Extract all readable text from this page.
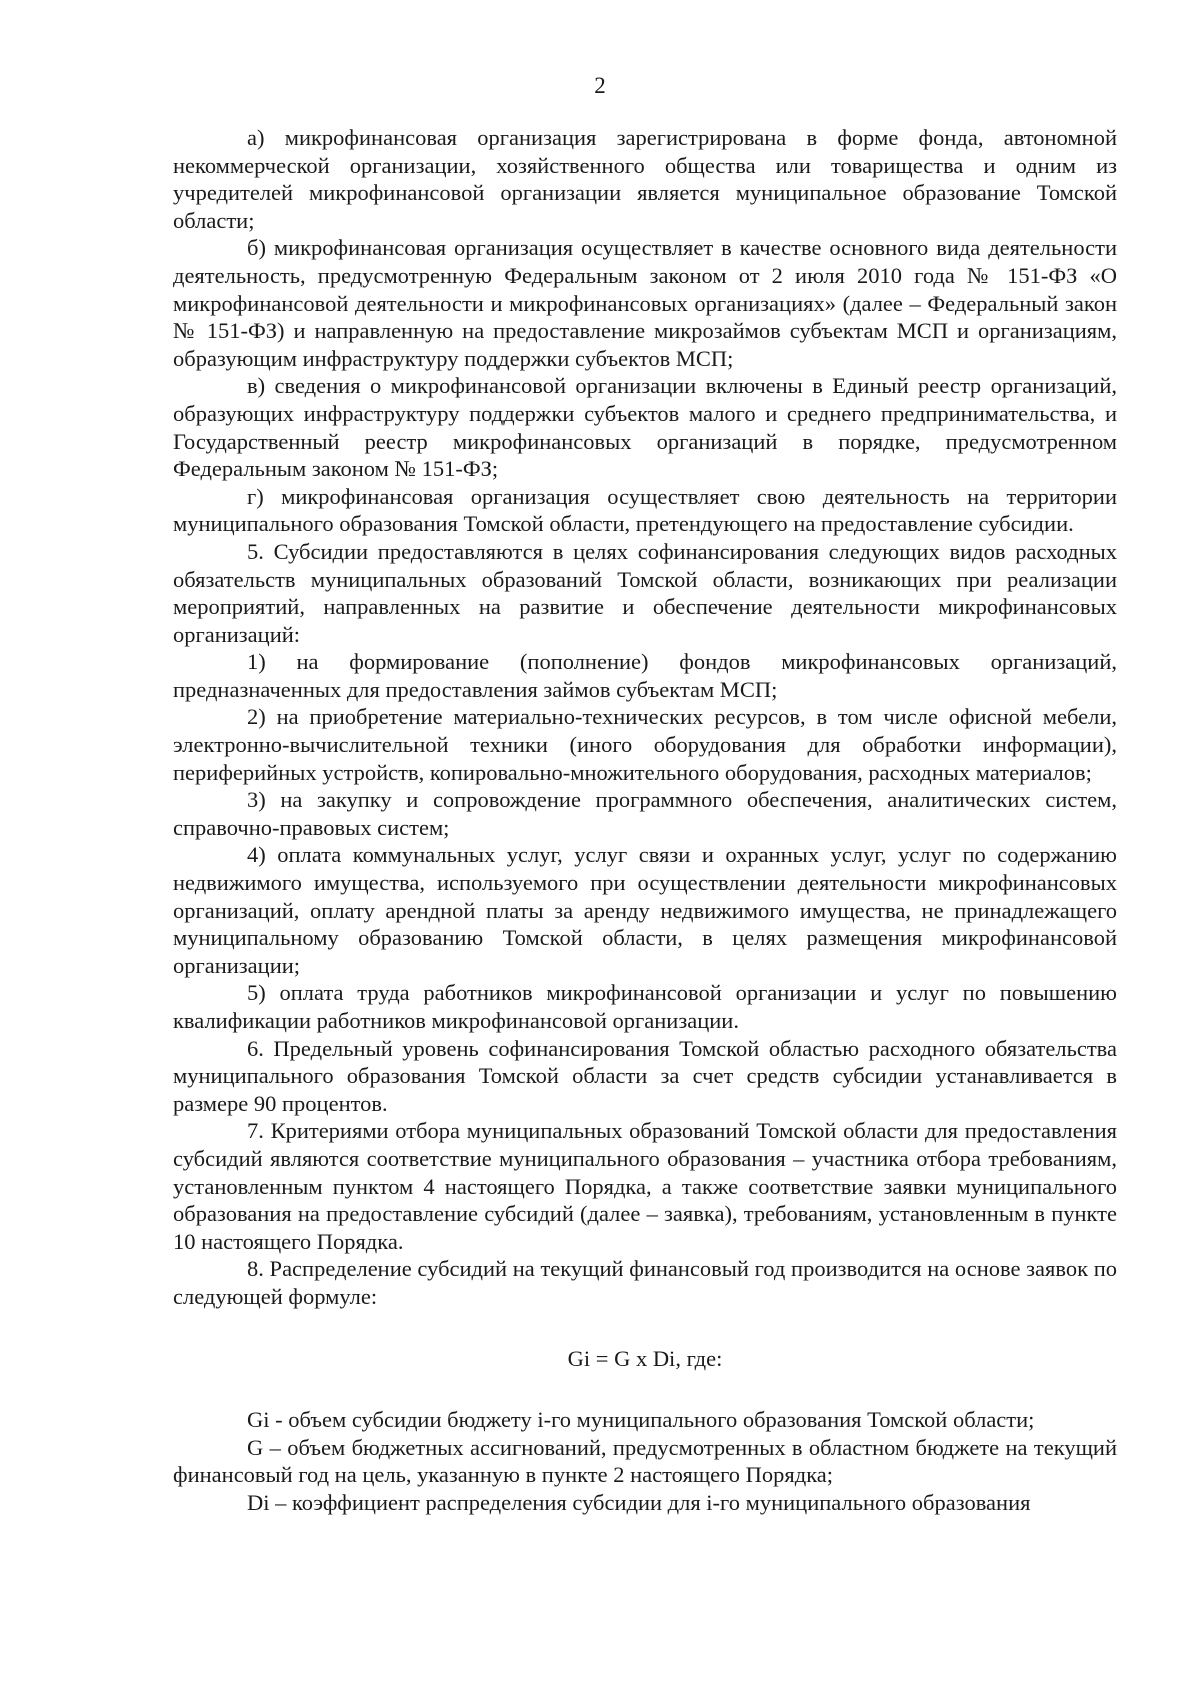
2

а) микрофинансовая организация зарегистрирована в форме фонда, автономной некоммерческой организации, хозяйственного общества или товарищества и одним из учредителей микрофинансовой организации является муниципальное образование Томской области;

б) микрофинансовая организация осуществляет в качестве основного вида деятельности деятельность, предусмотренную Федеральным законом от 2 июля 2010 года № 151-ФЗ «О микрофинансовой деятельности и микрофинансовых организациях» (далее – Федеральный закон № 151-ФЗ) и направленную на предоставление микрозаймов субъектам МСП и организациям, образующим инфраструктуру поддержки субъектов МСП;

в) сведения о микрофинансовой организации включены в Единый реестр организаций, образующих инфраструктуру поддержки субъектов малого и среднего предпринимательства, и Государственный реестр микрофинансовых организаций в порядке, предусмотренном Федеральным законом № 151-ФЗ;

г) микрофинансовая организация осуществляет свою деятельность на территории муниципального образования Томской области, претендующего на предоставление субсидии.

5. Субсидии предоставляются в целях софинансирования следующих видов расходных обязательств муниципальных образований Томской области, возникающих при реализации мероприятий, направленных на развитие и обеспечение деятельности микрофинансовых организаций:

1) на формирование (пополнение) фондов микрофинансовых организаций, предназначенных для предоставления займов субъектам МСП;

2) на приобретение материально-технических ресурсов, в том числе офисной мебели, электронно-вычислительной техники (иного оборудования для обработки информации), периферийных устройств, копировально-множительного оборудования, расходных материалов;

3) на закупку и сопровождение программного обеспечения, аналитических систем, справочно-правовых систем;

4) оплата коммунальных услуг, услуг связи и охранных услуг, услуг по содержанию недвижимого имущества, используемого при осуществлении деятельности микрофинансовых организаций, оплату арендной платы за аренду недвижимого имущества, не принадлежащего муниципальному образованию Томской области, в целях размещения микрофинансовой организации;

5) оплата труда работников микрофинансовой организации и услуг по повышению квалификации работников микрофинансовой организации.

6. Предельный уровень софинансирования Томской областью расходного обязательства муниципального образования Томской области за счет средств субсидии устанавливается в размере 90 процентов.

7. Критериями отбора муниципальных образований Томской области для предоставления субсидий являются соответствие муниципального образования – участника отбора требованиям, установленным пунктом 4 настоящего Порядка, а также соответствие заявки муниципального образования на предоставление субсидий (далее – заявка), требованиям, установленным в пункте 10 настоящего Порядка.

8. Распределение субсидий на текущий финансовый год производится на основе заявок по следующей формуле:

Gi = G x Di, где:

Gi - объем субсидии бюджету i-го муниципального образования Томской области;

G – объем бюджетных ассигнований, предусмотренных в областном бюджете на текущий финансовый год на цель, указанную в пункте 2 настоящего Порядка;

Di – коэффициент распределения субсидии для i-го муниципального образования
